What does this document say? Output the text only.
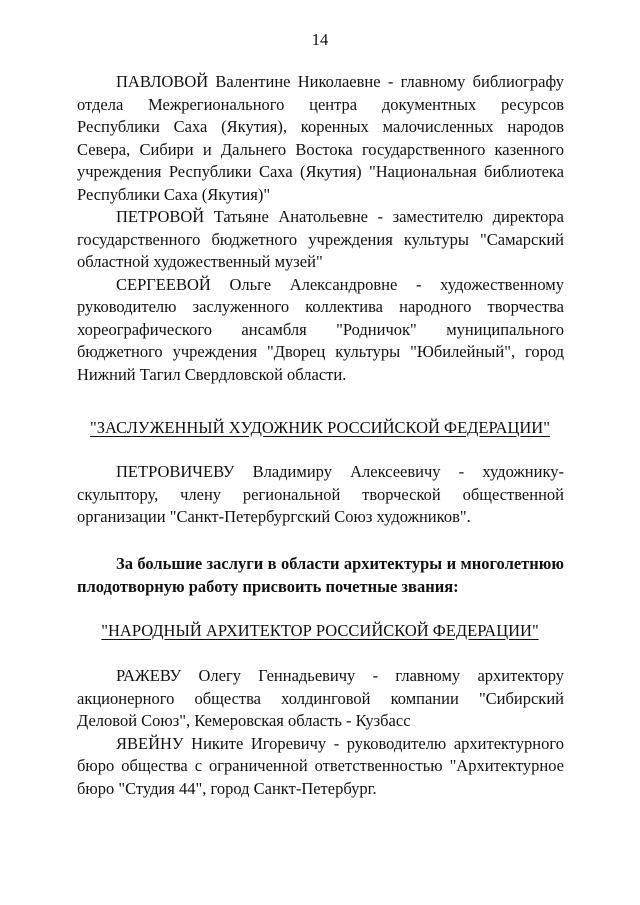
14

ПАВЛОВОЙ Валентине Николаевне - главному библиографу отдела Межрегионального центра документных ресурсов Республики Саха (Якутия), коренных малочисленных народов Севера, Сибири и Дальнего Востока государственного казенного учреждения Республики Саха (Якутия) "Национальная библиотека Республики Саха (Якутия)"

ПЕТРОВОЙ Татьяне Анатольевне - заместителю директора государственного бюджетного учреждения культуры "Самарский областной художественный музей"

СЕРГЕЕВОЙ Ольге Александровне - художественному руководителю заслуженного коллектива народного творчества хореографического ансамбля "Родничок" муниципального бюджетного учреждения "Дворец культуры "Юбилейный", город Нижний Тагил Свердловской области.

"ЗАСЛУЖЕННЫЙ ХУДОЖНИК РОССИЙСКОЙ ФЕДЕРАЦИИ"

ПЕТРОВИЧЕВУ Владимиру Алексеевичу - художнику-скульптору, члену региональной творческой общественной организации "Санкт-Петербургский Союз художников".

За большие заслуги в области архитектуры и многолетнюю плодотворную работу присвоить почетные звания:

"НАРОДНЫЙ АРХИТЕКТОР РОССИЙСКОЙ ФЕДЕРАЦИИ"

РАЖЕВУ Олегу Геннадьевичу - главному архитектору акционерного общества холдинговой компании "Сибирский Деловой Союз", Кемеровская область - Кузбасс

ЯВЕЙНУ Никите Игоревичу - руководителю архитектурного бюро общества с ограниченной ответственностью "Архитектурное бюро "Студия 44", город Санкт-Петербург.
